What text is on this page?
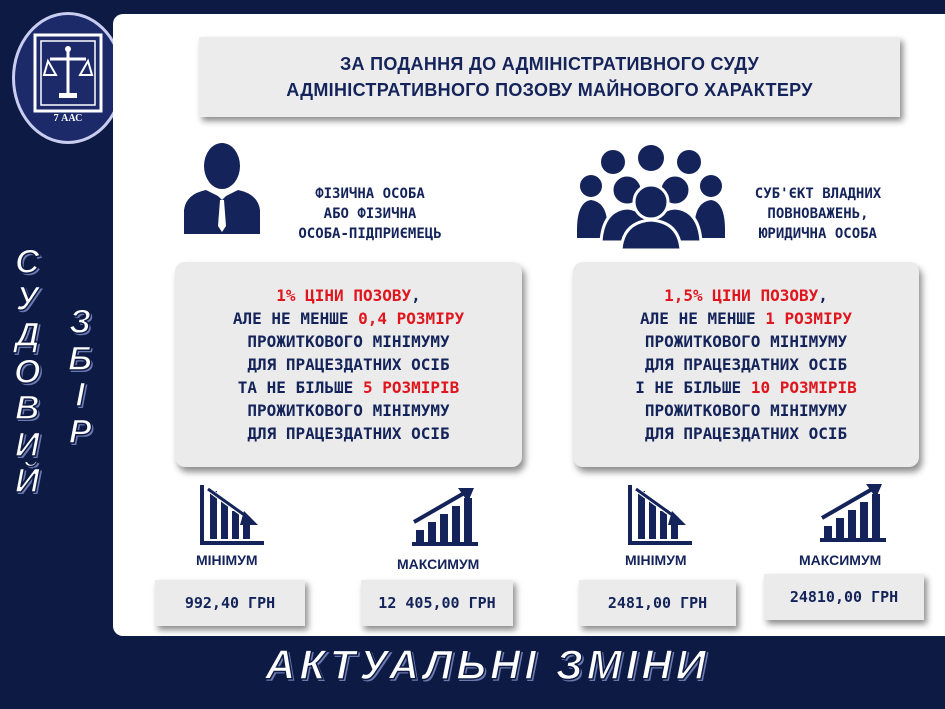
7 ААС
С
У
Д
О
В
И
Й
З
Б
І
Р
ЗА ПОДАННЯ ДО АДМІНІСТРАТИВНОГО СУДУ
АДМІНІСТРАТИВНОГО ПОЗОВУ МАЙНОВОГО ХАРАКТЕРУ
ФІЗИЧНА ОСОБА
АБО ФІЗИЧНА
ОСОБА-ПІДПРИЄМЕЦЬ
СУБ'ЄКТ ВЛАДНИХ
ПОВНОВАЖЕНЬ,
ЮРИДИЧНА ОСОБА
1% ЦІНИ ПОЗОВУ,
АЛЕ НЕ МЕНШЕ 0,4 РОЗМІРУ
ПРОЖИТКОВОГО МІНІМУМУ
ДЛЯ ПРАЦЕЗДАТНИХ ОСІБ
ТА НЕ БІЛЬШЕ 5 РОЗМІРІВ
ПРОЖИТКОВОГО МІНІМУМУ
ДЛЯ ПРАЦЕЗДАТНИХ ОСІБ
1,5% ЦІНИ ПОЗОВУ,
АЛЕ НЕ МЕНШЕ 1 РОЗМІРУ
ПРОЖИТКОВОГО МІНІМУМУ
ДЛЯ ПРАЦЕЗДАТНИХ ОСІБ
І НЕ БІЛЬШЕ 10 РОЗМІРІВ
ПРОЖИТКОВОГО МІНІМУМУ
ДЛЯ ПРАЦЕЗДАТНИХ ОСІБ
МІНІМУМ	МАКСИМУМ	МІНІМУМ	МАКСИМУМ
992,40 ГРН	12 405,00 ГРН	2481,00 ГРН	24810,00 ГРН
АКТУАЛЬНІ ЗМІНИ
